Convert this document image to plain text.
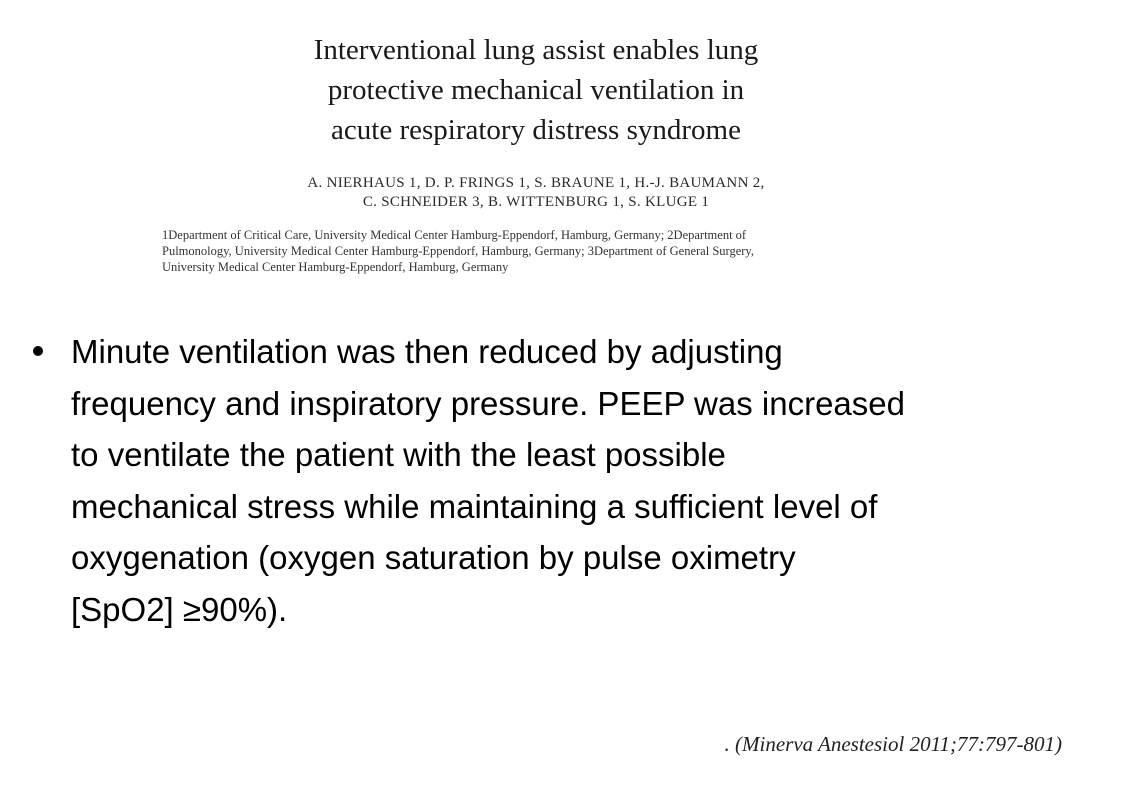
Interventional lung assist enables lung
protective mechanical ventilation in
acute respiratory distress syndrome
A. NIERHAUS 1, D. P. FRINGS 1, S. BRAUNE 1, H.-J. BAUMANN 2,
C. SCHNEIDER 3, B. WITTENBURG 1, S. KLUGE 1
1Department of Critical Care, University Medical Center Hamburg-Eppendorf, Hamburg, Germany; 2Department of
Pulmonology, University Medical Center Hamburg-Eppendorf, Hamburg, Germany; 3Department of General Surgery,
University Medical Center Hamburg-Eppendorf, Hamburg, Germany
Minute ventilation was then reduced by adjusting
frequency and inspiratory pressure. PEEP was increased
to ventilate the patient with the least possible
mechanical stress while maintaining a sufficient level of
oxygenation (oxygen saturation by pulse oximetry
[SpO2] ≥90%).
. (Minerva Anestesiol 2011;77:797-801)
